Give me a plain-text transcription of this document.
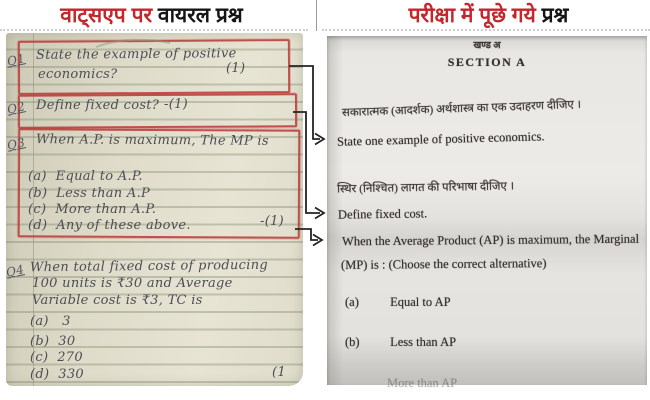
वाट्सएप पर वायरल प्रश्न	परीक्षा में पूछे गये प्रश्न
Q1 State the example of positive
economics?	(1)
Q2 Define fixed cost? -(1)
Q3 When A.P. is maximum, The MP is
(a) Equal to A.P.
(b) Less than A.P
(c) More than A.P.
(d) Any of these above.	-(1)
Q4 When total fixed cost of producing
100 units is ₹30 and Average
Variable cost is ₹3, TC is
(a) 3
(b) 30
(c) 270
(d) 330	(1
खण्ड अ
SECTION A
सकारात्मक (आदर्शक) अर्थशास्त्र का एक उदाहरण दीजिए ।
State one example of positive economics.
स्थिर (निश्चित) लागत की परिभाषा दीजिए ।
Define fixed cost.
When the Average Product (AP) is maximum, the Marginal
(MP) is : (Choose the correct alternative)
(a)	Equal to AP
(b) Less than AP
More than AP
